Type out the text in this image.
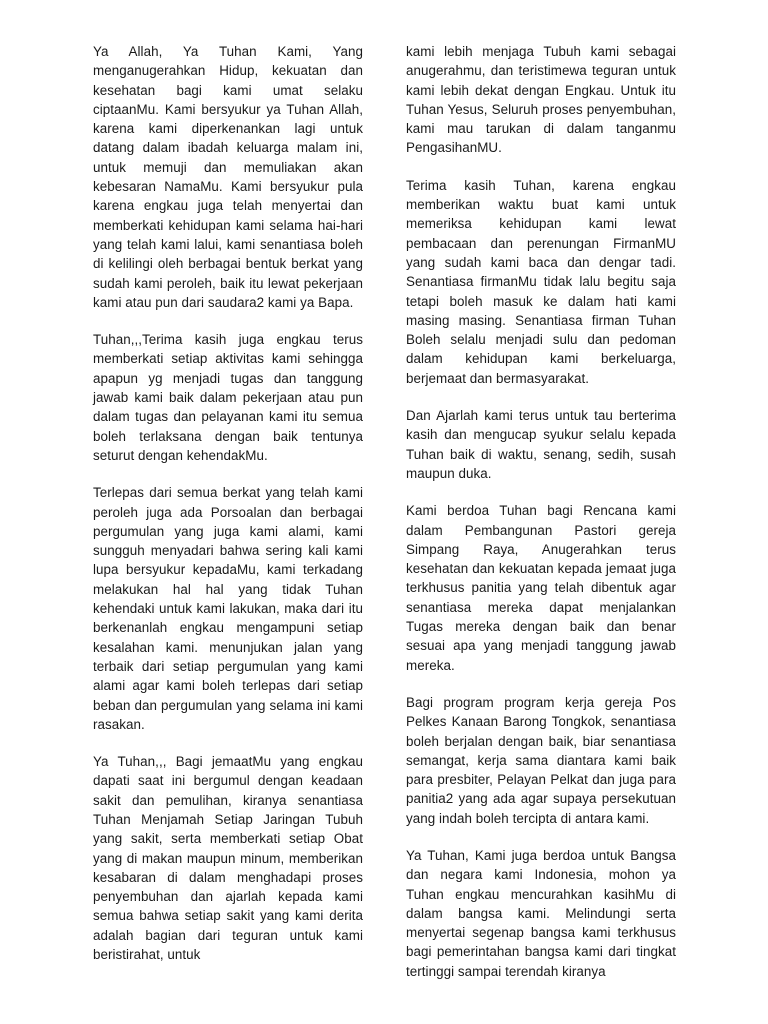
Ya Allah, Ya Tuhan Kami, Yang menganugerahkan Hidup, kekuatan dan kesehatan bagi kami umat selaku ciptaanMu. Kami bersyukur ya Tuhan Allah, karena kami diperkenankan lagi untuk datang dalam ibadah keluarga malam ini, untuk memuji dan memuliakan akan kebesaran NamaMu. Kami bersyukur pula karena engkau juga telah menyertai dan memberkati kehidupan kami selama hai-hari yang telah kami lalui, kami senantiasa boleh di kelilingi oleh berbagai bentuk berkat yang sudah kami peroleh, baik itu lewat pekerjaan kami atau pun dari saudara2 kami ya Bapa.

Tuhan,,,Terima kasih juga engkau terus memberkati setiap aktivitas kami sehingga apapun yg menjadi tugas dan tanggung jawab kami baik dalam pekerjaan atau pun dalam tugas dan pelayanan kami itu semua boleh terlaksana dengan baik tentunya seturut dengan kehendakMu.

Terlepas dari semua berkat yang telah kami peroleh juga ada Porsoalan dan berbagai pergumulan yang juga kami alami, kami sungguh menyadari bahwa sering kali kami lupa bersyukur kepadaMu, kami terkadang melakukan hal hal yang tidak Tuhan kehendaki untuk kami lakukan, maka dari itu berkenanlah engkau mengampuni setiap kesalahan kami. menunjukan jalan yang terbaik dari setiap pergumulan yang kami alami agar kami boleh terlepas dari setiap beban dan pergumulan yang selama ini kami rasakan.

Ya Tuhan,,, Bagi jemaatMu yang engkau dapati saat ini bergumul dengan keadaan sakit dan pemulihan, kiranya senantiasa Tuhan Menjamah Setiap Jaringan Tubuh yang sakit, serta memberkati setiap Obat yang di makan maupun minum, memberikan kesabaran di dalam menghadapi proses penyembuhan dan ajarlah kepada kami semua bahwa setiap sakit yang kami derita adalah bagian dari teguran untuk kami beristirahat, untuk

kami lebih menjaga Tubuh kami sebagai anugerahmu, dan teristimewa teguran untuk kami lebih dekat dengan Engkau. Untuk itu Tuhan Yesus, Seluruh proses penyembuhan, kami mau tarukan di dalam tanganmu PengasihanMU.

Terima kasih Tuhan, karena engkau memberikan waktu buat kami untuk memeriksa kehidupan kami lewat pembacaan dan perenungan FirmanMU yang sudah kami baca dan dengar tadi. Senantiasa firmanMu tidak lalu begitu saja tetapi boleh masuk ke dalam hati kami masing masing. Senantiasa firman Tuhan Boleh selalu menjadi sulu dan pedoman dalam kehidupan kami berkeluarga, berjemaat dan bermasyarakat.

Dan Ajarlah kami terus untuk tau berterima kasih dan mengucap syukur selalu kepada Tuhan baik di waktu, senang, sedih, susah maupun duka.

Kami berdoa Tuhan bagi Rencana kami dalam Pembangunan Pastori gereja Simpang Raya, Anugerahkan terus kesehatan dan kekuatan kepada jemaat juga terkhusus panitia yang telah dibentuk agar senantiasa mereka dapat menjalankan Tugas mereka dengan baik dan benar sesuai apa yang menjadi tanggung jawab mereka.

Bagi program program kerja gereja Pos Pelkes Kanaan Barong Tongkok, senantiasa boleh berjalan dengan baik, biar senantiasa semangat, kerja sama diantara kami baik para presbiter, Pelayan Pelkat dan juga para panitia2 yang ada agar supaya persekutuan yang indah boleh tercipta di antara kami.

Ya Tuhan, Kami juga berdoa untuk Bangsa dan negara kami Indonesia, mohon ya Tuhan engkau mencurahkan kasihMu di dalam bangsa kami. Melindungi serta menyertai segenap bangsa kami terkhusus bagi pemerintahan bangsa kami dari tingkat tertinggi sampai terendah kiranya
